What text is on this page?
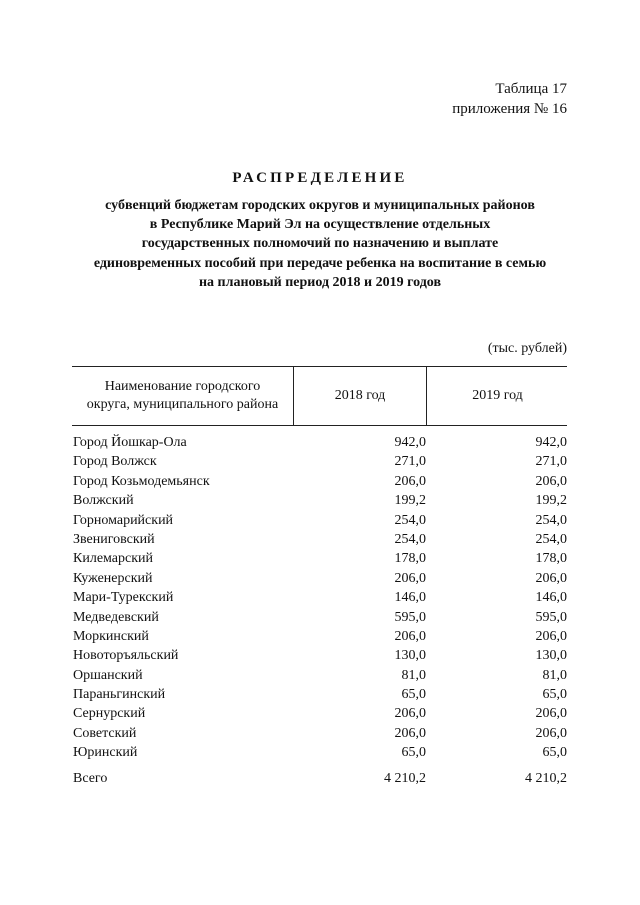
Таблица 17
приложения № 16
РАСПРЕДЕЛЕНИЕ
субвенций бюджетам городских округов и муниципальных районов
в Республике Марий Эл на осуществление отдельных
государственных полномочий по назначению и выплате
единовременных пособий при передаче ребенка на воспитание в семью
на плановый период 2018 и 2019 годов
(тыс. рублей)
Наименование городского
округа, муниципального района
2018 год	2019 год
Город Йошкар-Ола	942,0	942,0
Город Волжск	271,0	271,0
Город Козьмодемьянск	206,0	206,0
Волжский	199,2	199,2
Горномарийский	254,0	254,0
Звениговский	254,0	254,0
Килемарский	178,0	178,0
Куженерский	206,0	206,0
Мари-Турекский	146,0	146,0
Медведевский	595,0	595,0
Моркинский	206,0	206,0
Новоторъяльский	130,0	130,0
Оршанский	81,0	81,0
Параньгинский	65,0	65,0
Сернурский	206,0	206,0
Советский	206,0	206,0
Юринский	65,0	65,0
Всего	4 210,2	4 210,2
